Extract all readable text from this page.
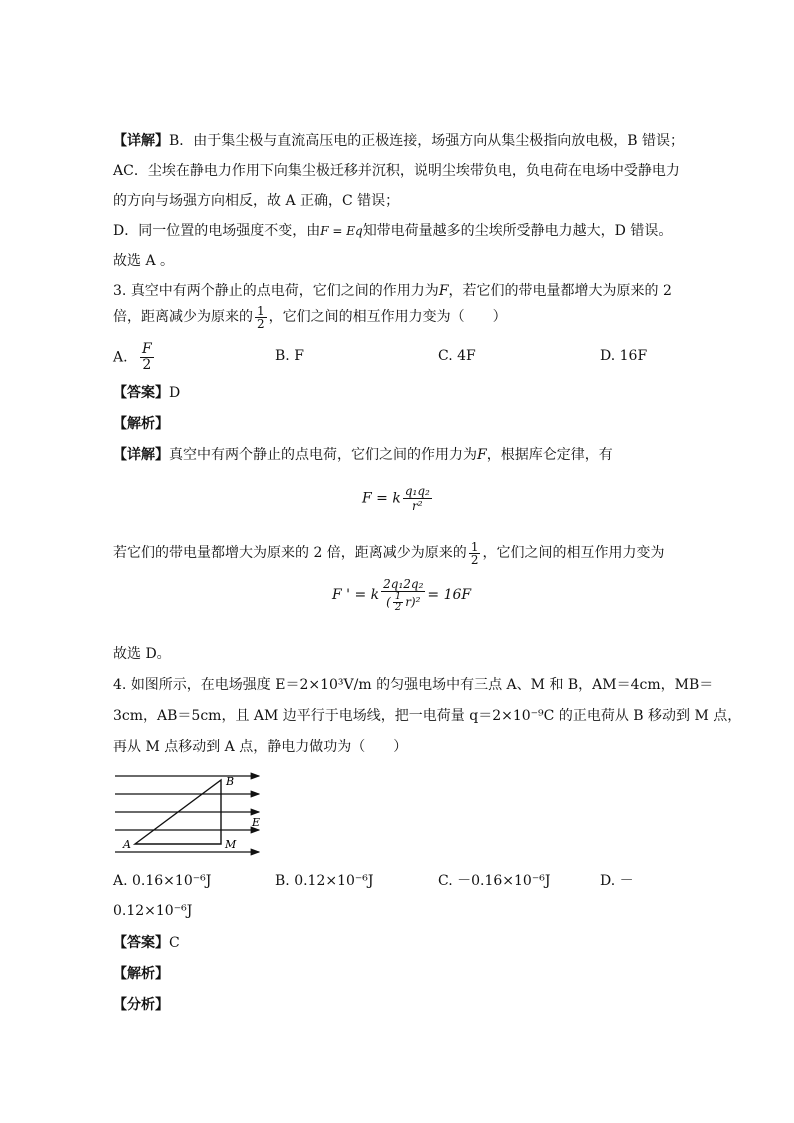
【详解】B．由于集尘极与直流高压电的正极连接，场强方向从集尘极指向放电极，B 错误；
AC．尘埃在静电力作用下向集尘极迁移并沉积，说明尘埃带负电，负电荷在电场中受静电力
的方向与场强方向相反，故 A 正确，C 错误；
D．同一位置的电场强度不变，由F = Eq知带电荷量越多的尘埃所受静电力越大，D 错误。
故选 A 。
3. 真空中有两个静止的点电荷，它们之间的作用力为F，若它们的带电量都增大为原来的 2
倍，距离减少为原来的 $\frac{1}{2}$ ，它们之间的相互作用力变为（　　）
A. $\frac{F}{2}$	B. F	C. 4F	D. 16F
【答案】D
【解析】
【详解】真空中有两个静止的点电荷，它们之间的作用力为F，根据库仑定律，有
F = k $\frac{\text{q₁q₂}}{\text{r²}}$
若它们的带电量都增大为原来的 2 倍，距离减少为原来的 $\frac{1}{2}$ ，它们之间的相互作用力变为
F ' = k $\frac{\text{2q₁2q₂}}{( \frac{1}{2} r)^2} = 16F$
故选 D。
4. 如图所示，在电场强度 E＝2×10³V/m 的匀强电场中有三点 A、M 和 B，AM＝4cm，MB＝
3cm，AB＝5cm，且 AM 边平行于电场线，把一电荷量 q＝2×10⁻⁹C 的正电荷从 B 移动到 M 点，
再从 M 点移动到 A 点，静电力做功为（　　）
B
E
A	M
A. 0.16×10⁻⁶J	B. 0.12×10⁻⁶J	C. －0.16×10⁻⁶J	D. －
0.12×10⁻⁶J
【答案】C
【解析】
【分析】
